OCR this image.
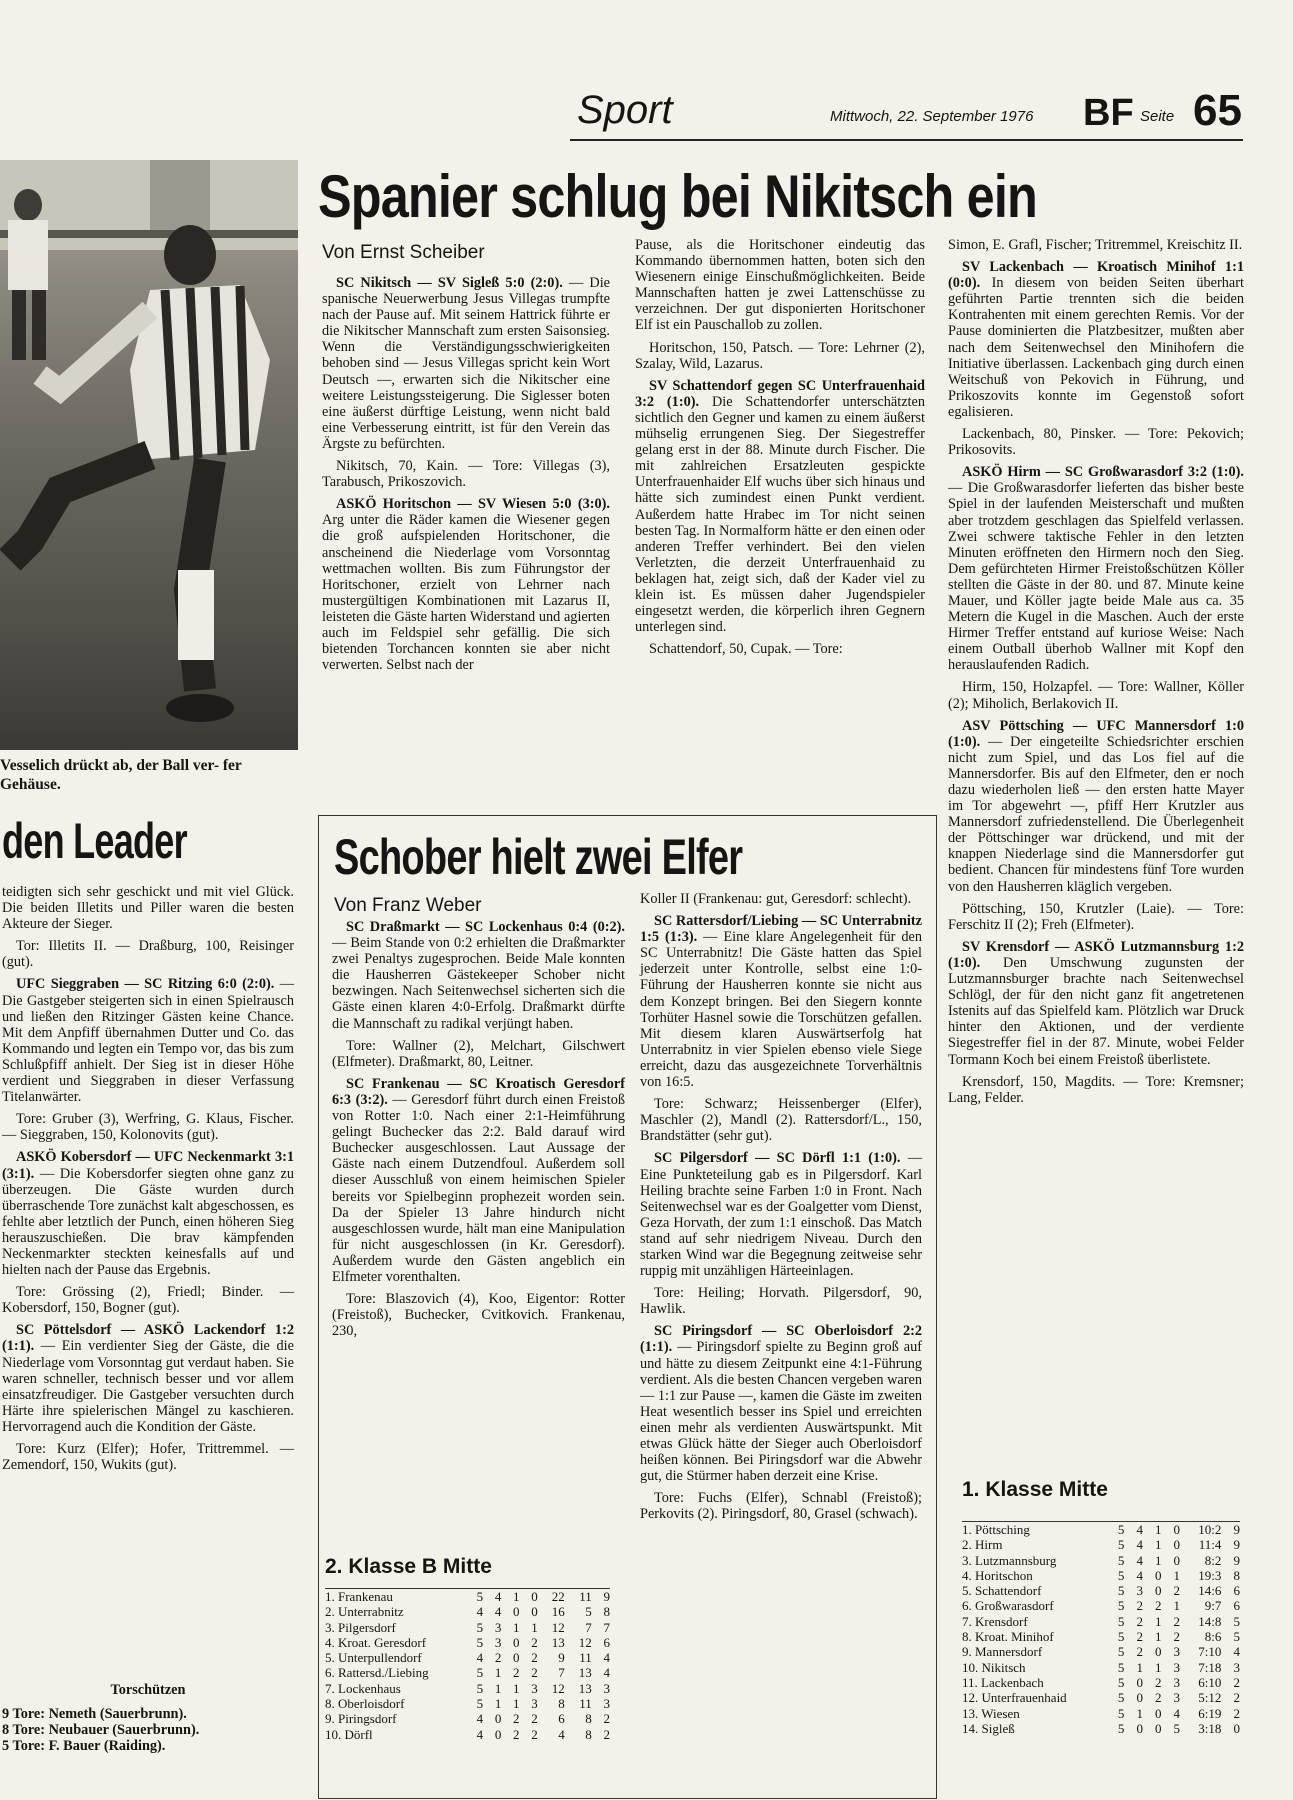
Sport	Mittwoch, 22. September 1976 BF Seite 65
Vesselich drückt ab, der Ball ver- fer Gehäuse.
Spanier schlug bei Nikitsch ein
Von Ernst Scheiber

SC Nikitsch — SV Sigleß 5:0 (2:0). — Die spanische Neuerwerbung Jesus Villegas trumpfte nach der Pause auf. Mit seinem Hattrick führte er die Nikitscher Mannschaft zum ersten Saisonsieg. Wenn die Verständigungsschwierigkeiten behoben sind — Jesus Villegas spricht kein Wort Deutsch —, erwarten sich die Nikitscher eine weitere Leistungssteigerung. Die Siglesser boten eine äußerst dürftige Leistung, wenn nicht bald eine Verbesserung eintritt, ist für den Verein das Ärgste zu befürchten.

Nikitsch, 70, Kain. — Tore: Villegas (3), Tarabusch, Prikoszovich.

ASKÖ Horitschon — SV Wiesen 5:0 (3:0). Arg unter die Räder kamen die Wiesener gegen die groß aufspielenden Horitschoner, die anscheinend die Niederlage vom Vorsonntag wettmachen wollten. Bis zum Führungstor der Horitschoner, erzielt von Lehrner nach mustergültigen Kombinationen mit Lazarus II, leisteten die Gäste harten Widerstand und agierten auch im Feldspiel sehr gefällig. Die sich bietenden Torchancen konnten sie aber nicht verwerten. Selbst nach der

Pause, als die Horitschoner eindeutig das Kommando übernommen hatten, boten sich den Wiesenern einige Einschußmöglichkeiten. Beide Mannschaften hatten je zwei Lattenschüsse zu verzeichnen. Der gut disponierten Horitschoner Elf ist ein Pauschallob zu zollen.

Horitschon, 150, Patsch. — Tore: Lehrner (2), Szalay, Wild, Lazarus.

SV Schattendorf gegen SC Unterfrauenhaid 3:2 (1:0). Die Schattendorfer unterschätzten sichtlich den Gegner und kamen zu einem äußerst mühselig errungenen Sieg. Der Siegestreffer gelang erst in der 88. Minute durch Fischer. Die mit zahlreichen Ersatzleuten gespickte Unterfrauenhaider Elf wuchs über sich hinaus und hätte sich zumindest einen Punkt verdient. Außerdem hatte Hrabec im Tor nicht seinen besten Tag. In Normalform hätte er den einen oder anderen Treffer verhindert. Bei den vielen Verletzten, die derzeit Unterfrauenhaid zu beklagen hat, zeigt sich, daß der Kader viel zu klein ist. Es müssen daher Jugendspieler eingesetzt werden, die körperlich ihren Gegnern unterlegen sind.

Schattendorf, 50, Cupak. — Tore:

Simon, E. Grafl, Fischer; Tritremmel, Kreischitz II.

SV Lackenbach — Kroatisch Minihof 1:1 (0:0). In diesem von beiden Seiten überhart geführten Partie trennten sich die beiden Kontrahenten mit einem gerechten Remis. Vor der Pause dominierten die Platzbesitzer, mußten aber nach dem Seitenwechsel den Minihofern die Initiative überlassen. Lackenbach ging durch einen Weitschuß von Pekovich in Führung, und Prikoszovits konnte im Gegenstoß sofort egalisieren.

Lackenbach, 80, Pinsker. — Tore: Pekovich; Prikosovits.

ASKÖ Hirm — SC Großwarasdorf 3:2 (1:0). — Die Großwarasdorfer lieferten das bisher beste Spiel in der laufenden Meisterschaft und mußten aber trotzdem geschlagen das Spielfeld verlassen. Zwei schwere taktische Fehler in den letzten Minuten eröffneten den Hirmern noch den Sieg. Dem gefürchteten Hirmer Freistoßschützen Köller stellten die Gäste in der 80. und 87. Minute keine Mauer, und Köller jagte beide Male aus ca. 35 Metern die Kugel in die Maschen. Auch der erste Hirmer Treffer entstand auf kuriose Weise: Nach einem Outball überhob Wallner mit Kopf den herauslaufenden Radich.

Hirm, 150, Holzapfel. — Tore: Wallner, Köller (2); Miholich, Berlakovich II.

ASV Pöttsching — UFC Mannersdorf 1:0 (1:0). — Der eingeteilte Schiedsrichter erschien nicht zum Spiel, und das Los fiel auf die Mannersdorfer. Bis auf den Elfmeter, den er noch dazu wiederholen ließ — den ersten hatte Mayer im Tor abgewehrt —, pfiff Herr Krutzler aus Mannersdorf zufriedenstellend. Die Überlegenheit der Pöttschinger war drückend, und mit der knappen Niederlage sind die Mannersdorfer gut bedient. Chancen für mindestens fünf Tore wurden von den Hausherren kläglich vergeben.

Pöttsching, 150, Krutzler (Laie). — Tore: Ferschitz II (2); Freh (Elfmeter).

SV Krensdorf — ASKÖ Lutzmannsburg 1:2 (1:0). Den Umschwung zugunsten der Lutzmannsburger brachte nach Seitenwechsel Schlögl, der für den nicht ganz fit angetretenen Istenits auf das Spielfeld kam. Plötzlich war Druck hinter den Aktionen, und der verdiente Siegestreffer fiel in der 87. Minute, wobei Felder Tormann Koch bei einem Freistoß überlistete.

Krensdorf, 150, Magdits. — Tore: Kremsner; Lang, Felder.

den Leader

teidigten sich sehr geschickt und mit viel Glück. Die beiden Illetits und Piller waren die besten Akteure der Sieger.

Tor: Illetits II. — Draßburg, 100, Reisinger (gut).

UFC Sieggraben — SC Ritzing 6:0 (2:0). — Die Gastgeber steigerten sich in einen Spielrausch und ließen den Ritzinger Gästen keine Chance. Mit dem Anpfiff übernahmen Dutter und Co. das Kommando und legten ein Tempo vor, das bis zum Schlußpfiff anhielt. Der Sieg ist in dieser Höhe verdient und Sieggraben in dieser Verfassung Titelanwärter.

Tore: Gruber (3), Werfring, G. Klaus, Fischer. — Sieggraben, 150, Kolonovits (gut).

ASKÖ Kobersdorf — UFC Neckenmarkt 3:1 (3:1). — Die Kobersdorfer siegten ohne ganz zu überzeugen. Die Gäste wurden durch überraschende Tore zunächst kalt abgeschossen, es fehlte aber letztlich der Punch, einen höheren Sieg herauszuschießen. Die brav kämpfenden Neckenmarkter steckten keinesfalls auf und hielten nach der Pause das Ergebnis.

Tore: Grössing (2), Friedl; Binder. — Kobersdorf, 150, Bogner (gut).

SC Pöttelsdorf — ASKÖ Lackendorf 1:2 (1:1). — Ein verdienter Sieg der Gäste, die die Niederlage vom Vorsonntag gut verdaut haben. Sie waren schneller, technisch besser und vor allem einsatzfreudiger. Die Gastgeber versuchten durch Härte ihre spielerischen Mängel zu kaschieren. Hervorragend auch die Kondition der Gäste.

Tore: Kurz (Elfer); Hofer, Trittremmel. — Zemendorf, 150, Wukits (gut).

Torschützen
9 Tore: Nemeth (Sauerbrunn).
8 Tore: Neubauer (Sauerbrunn).
5 Tore: F. Bauer (Raiding).
Schober hielt zwei Elfer
Von Franz Weber

SC Draßmarkt — SC Lockenhaus 0:4 (0:2). — Beim Stande von 0:2 erhielten die Draßmarkter zwei Penaltys zugesprochen. Beide Male konnten die Hausherren Gästekeeper Schober nicht bezwingen. Nach Seitenwechsel sicherten sich die Gäste einen klaren 4:0-Erfolg. Draßmarkt dürfte die Mannschaft zu radikal verjüngt haben.

Tore: Wallner (2), Melchart, Gilschwert (Elfmeter). Draßmarkt, 80, Leitner.

SC Frankenau — SC Kroatisch Geresdorf 6:3 (3:2). — Geresdorf führt durch einen Freistoß von Rotter 1:0. Nach einer 2:1-Heimführung gelingt Buchecker das 2:2. Bald darauf wird Buchecker ausgeschlossen. Laut Aussage der Gäste nach einem Dutzendfoul. Außerdem soll dieser Ausschluß von einem heimischen Spieler bereits vor Spielbeginn prophezeit worden sein. Da der Spieler 13 Jahre hindurch nicht ausgeschlossen wurde, hält man eine Manipulation für nicht ausgeschlossen (in Kr. Geresdorf). Außerdem wurde den Gästen angeblich ein Elfmeter vorenthalten.

Tore: Blaszovich (4), Koo, Eigentor: Rotter (Freistoß), Buchecker, Cvitkovich. Frankenau, 230,

Koller II (Frankenau: gut, Geresdorf: schlecht).

SC Rattersdorf/Liebing — SC Unterrabnitz 1:5 (1:3). — Eine klare Angelegenheit für den SC Unterrabnitz! Die Gäste hatten das Spiel jederzeit unter Kontrolle, selbst eine 1:0-Führung der Hausherren konnte sie nicht aus dem Konzept bringen. Bei den Siegern konnte Torhüter Hasnel sowie die Torschützen gefallen. Mit diesem klaren Auswärtserfolg hat Unterrabnitz in vier Spielen ebenso viele Siege erreicht, dazu das ausgezeichnete Torverhältnis von 16:5.

Tore: Schwarz; Heissenberger (Elfer), Maschler (2), Mandl (2). Rattersdorf/L., 150, Brandstätter (sehr gut).

SC Pilgersdorf — SC Dörfl 1:1 (1:0). — Eine Punkteteilung gab es in Pilgersdorf. Karl Heiling brachte seine Farben 1:0 in Front. Nach Seitenwechsel war es der Goalgetter vom Dienst, Geza Horvath, der zum 1:1 einschoß. Das Match stand auf sehr niedrigem Niveau. Durch den starken Wind war die Begegnung zeitweise sehr ruppig mit unzähligen Härteeinlagen.

Tore: Heiling; Horvath. Pilgersdorf, 90, Hawlik.

SC Piringsdorf — SC Oberloisdorf 2:2 (1:1). — Piringsdorf spielte zu Beginn groß auf und hätte zu diesem Zeitpunkt eine 4:1-Führung verdient. Als die besten Chancen vergeben waren — 1:1 zur Pause —, kamen die Gäste im zweiten Heat wesentlich besser ins Spiel und erreichten einen mehr als verdienten Auswärtspunkt. Mit etwas Glück hätte der Sieger auch Oberloisdorf heißen können. Bei Piringsdorf war die Abwehr gut, die Stürmer haben derzeit eine Krise.

Tore: Fuchs (Elfer), Schnabl (Freistoß); Perkovits (2). Piringsdorf, 80, Grasel (schwach).

2. Klasse B Mitte
1. Frankenau	5	4	1	0	22	11	9
2. Unterrabnitz	4	4	0	0	16	5	8
3. Pilgersdorf	5	3	1	1	12	7	7
4. Kroat. Geresdorf	5	3	0	2	13	12	6
5. Unterpullendorf	4	2	0	2	9	11	4
6. Rattersd./Liebing	5	1	2	2	7	13	4
7. Lockenhaus	5	1	1	3	12	13	3
8. Oberloisdorf	5	1	1	3	8	11	3
9. Piringsdorf	4	0	2	2	6	8	2
10. Dörfl	4	0	2	2	4	8	2
1. Klasse Mitte
1. Pöttsching	5	4	1	0	10:2	9
2. Hirm	5	4	1	0	11:4	9
3. Lutzmannsburg	5	4	1	0	8:2	9
4. Horitschon	5	4	0	1	19:3	8
5. Schattendorf	5	3	0	2	14:6	6
6. Großwarasdorf	5	2	2	1	9:7	6
7. Krensdorf	5	2	1	2	14:8	5
8. Kroat. Minihof	5	2	1	2	8:6	5
9. Mannersdorf	5	2	0	3	7:10	4
10. Nikitsch	5	1	1	3	7:18	3
11. Lackenbach	5	0	2	3	6:10	2
12. Unterfrauenhaid	5	0	2	3	5:12	2
13. Wiesen	5	1	0	4	6:19	2
14. Sigleß	5	0	0	5	3:18	0
